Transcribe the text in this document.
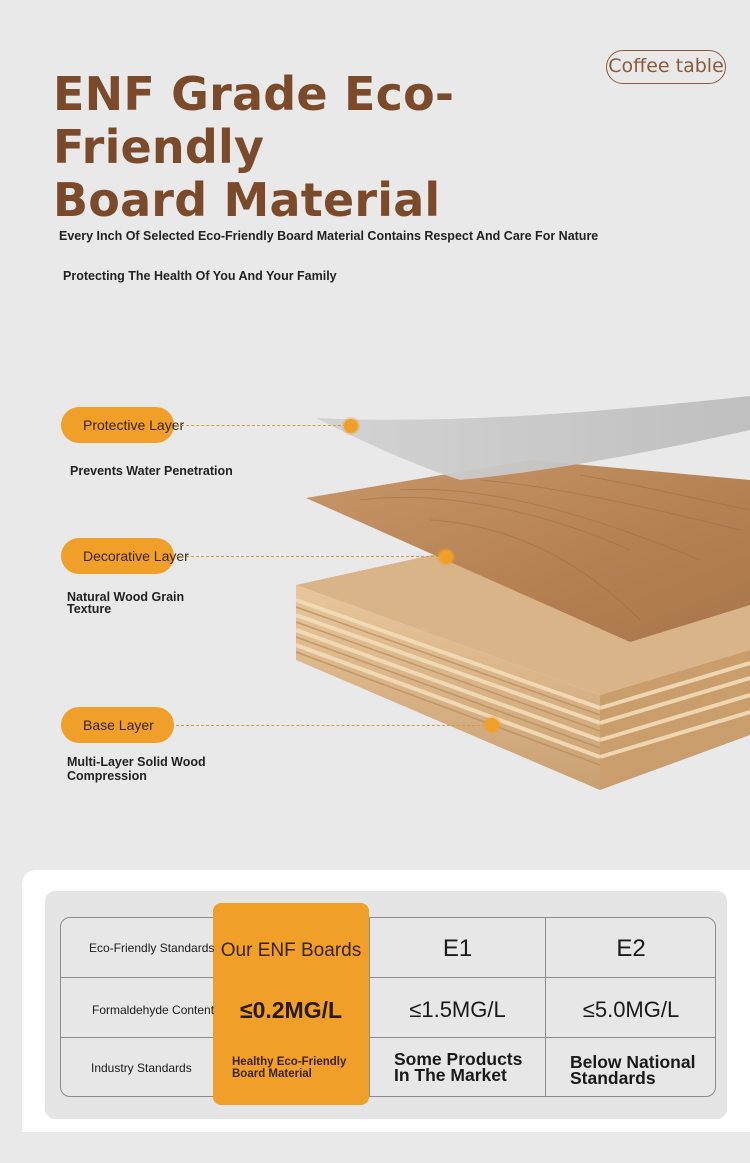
Coffee table
ENF Grade Eco-Friendly
Board Material
Every Inch Of Selected Eco-Friendly Board Material Contains Respect And Care For Nature
Protecting The Health Of You And Your Family
Protective Layer
Prevents Water Penetration
Decorative Layer
Natural Wood Grain
Texture
Base Layer
Multi-Layer Solid Wood
Compression
Eco-Friendly Standards
Formaldehyde Content
Industry Standards
Our ENF Boards
≤0.2MG/L
Healthy Eco-Friendly
Board Material
E1
≤1.5MG/L
Some Products
In The Market
E2
≤5.0MG/L
Below National
Standards
